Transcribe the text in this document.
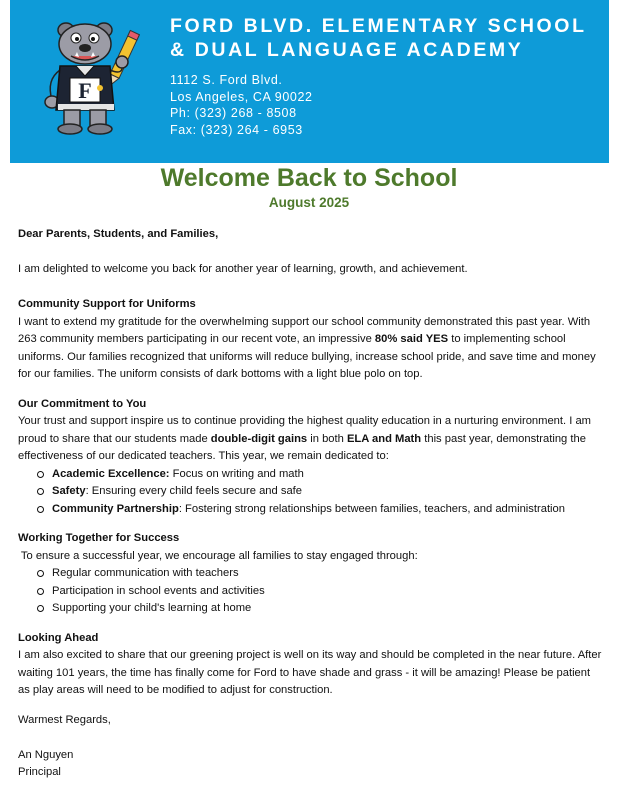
F
FORD BLVD. ELEMENTARY SCHOOL
& DUAL LANGUAGE ACADEMY
1112 S. Ford Blvd.
Los Angeles, CA 90022
Ph: (323) 268 - 8508
Fax: (323) 264 - 6953
Welcome Back to School
August 2025

Dear Parents, Students, and Families,

I am delighted to welcome you back for another year of learning, growth, and achievement.

Community Support for Uniforms

I want to extend my gratitude for the overwhelming support our school community demonstrated this past year. With 263 community members participating in our recent vote, an impressive 80% said YES to implementing school uniforms. Our families recognized that uniforms will reduce bullying, increase school pride, and save time and money for our families. The uniform consists of dark bottoms with a light blue polo on top.

Our Commitment to You

Your trust and support inspire us to continue providing the highest quality education in a nurturing environment. I am proud to share that our students made double-digit gains in both ELA and Math this past year, demonstrating the effectiveness of our dedicated teachers. This year, we remain dedicated to:

Academic Excellence: Focus on writing and math
Safety: Ensuring every child feels secure and safe
Community Partnership: Fostering strong relationships between families, teachers, and administration

Working Together for Success

To ensure a successful year, we encourage all families to stay engaged through:

Regular communication with teachers
Participation in school events and activities
Supporting your child's learning at home

Looking Ahead

I am also excited to share that our greening project is well on its way and should be completed in the near future. After waiting 101 years, the time has finally come for Ford to have shade and grass - it will be amazing! Please be patient as play areas will need to be modified to adjust for construction.

Warmest Regards,

An Nguyen

Principal
